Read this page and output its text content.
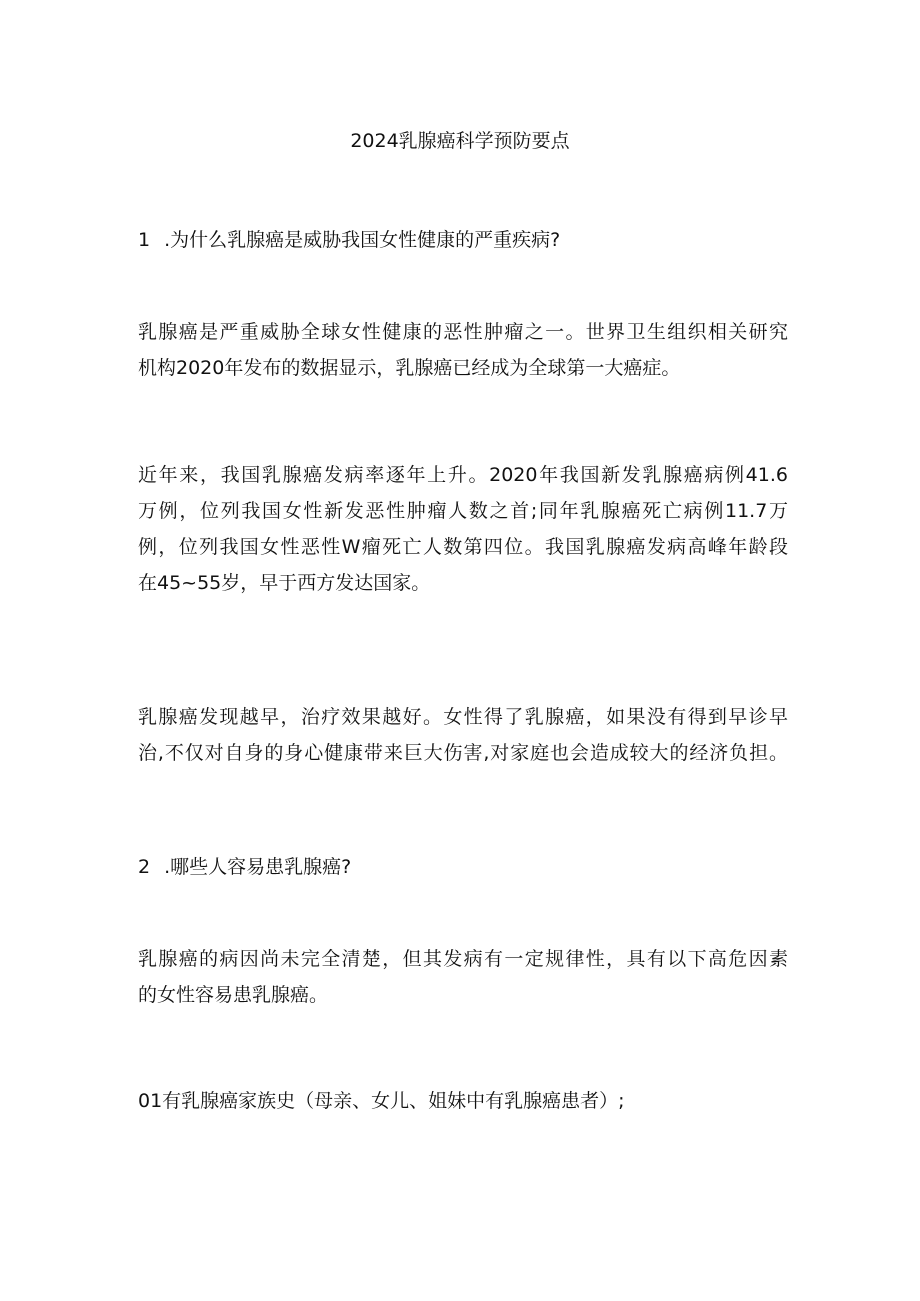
2024乳腺癌科学预防要点
1 .为什么乳腺癌是威胁我国女性健康的严重疾病?
乳腺癌是严重威胁全球女性健康的恶性肿瘤之一。世界卫生组织相关研究
机构2020年发布的数据显示，乳腺癌已经成为全球第一大癌症。
近年来，我国乳腺癌发病率逐年上升。2020年我国新发乳腺癌病例41.6
万例，位列我国女性新发恶性肿瘤人数之首;同年乳腺癌死亡病例11.7万
例，位列我国女性恶性W瘤死亡人数第四位。我国乳腺癌发病高峰年龄段
在45~55岁，早于西方发达国家。
乳腺癌发现越早，治疗效果越好。女性得了乳腺癌，如果没有得到早诊早
治,不仅对自身的身心健康带来巨大伤害,对家庭也会造成较大的经济负担。
2 .哪些人容易患乳腺癌?
乳腺癌的病因尚未完全清楚，但其发病有一定规律性，具有以下高危因素
的女性容易患乳腺癌。
01有乳腺癌家族史（母亲、女儿、姐妹中有乳腺癌患者）;
